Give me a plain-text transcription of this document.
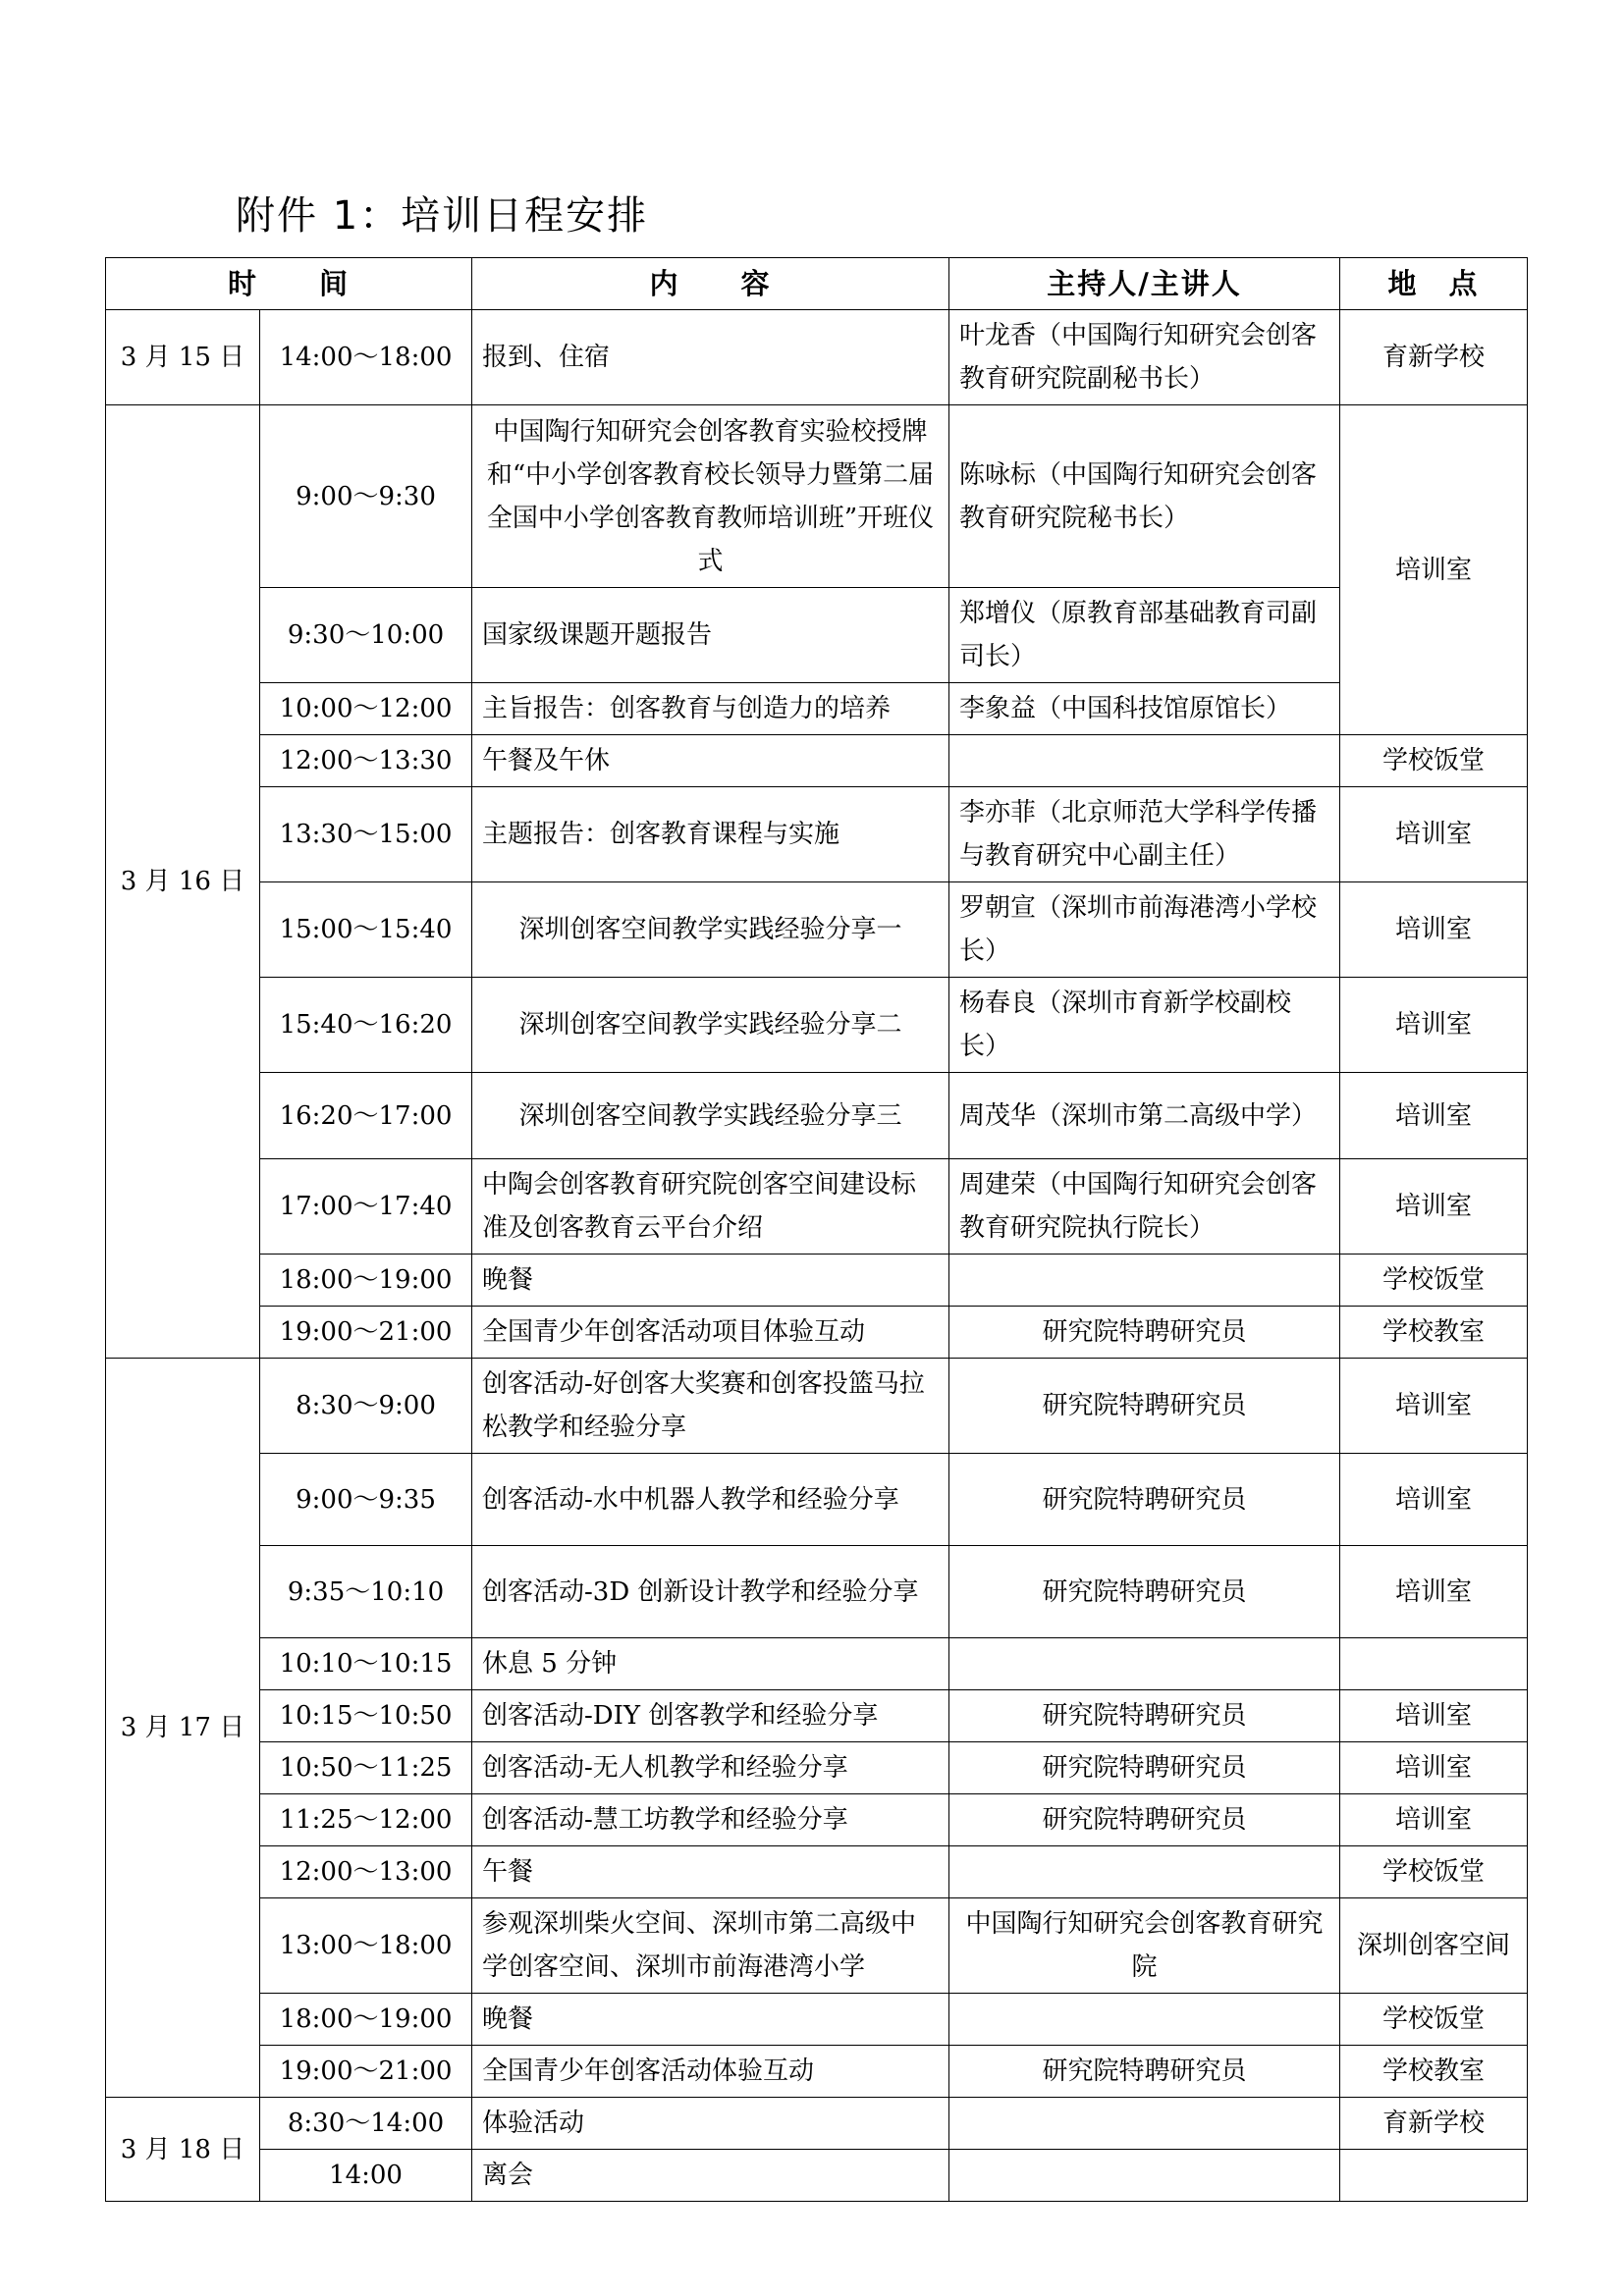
附件 1：培训日程安排
时　　间		内　　容	主持人/主讲人	地　点
3 月 15 日	14:00～18:00	报到、住宿	叶龙香（中国陶行知研究会创客教育研究院副秘书长）	育新学校
3 月 16 日	9:00～9:30	中国陶行知研究会创客教育实验校授牌和“中小学创客教育校长领导力暨第二届全国中小学创客教育教师培训班”开班仪式	陈咏标（中国陶行知研究会创客教育研究院秘书长）	培训室
	9:30～10:00	国家级课题开题报告	郑增仪（原教育部基础教育司副司长）	
	10:00～12:00	主旨报告：创客教育与创造力的培养	李象益（中国科技馆原馆长）	
	12:00～13:30	午餐及午休		学校饭堂
	13:30～15:00	主题报告：创客教育课程与实施	李亦菲（北京师范大学科学传播与教育研究中心副主任）	培训室
	15:00～15:40	深圳创客空间教学实践经验分享一	罗朝宣（深圳市前海港湾小学校长）	培训室
	15:40～16:20	深圳创客空间教学实践经验分享二	杨春良（深圳市育新学校副校长）	培训室
	16:20～17:00	深圳创客空间教学实践经验分享三	周茂华（深圳市第二高级中学）	培训室
	17:00～17:40	中陶会创客教育研究院创客空间建设标准及创客教育云平台介绍	周建荣（中国陶行知研究会创客教育研究院执行院长）	培训室
	18:00～19:00	晚餐		学校饭堂
	19:00～21:00	全国青少年创客活动项目体验互动	研究院特聘研究员	学校教室
3 月 17 日	8:30～9:00	创客活动-好创客大奖赛和创客投篮马拉松教学和经验分享	研究院特聘研究员	培训室
	9:00～9:35	创客活动-水中机器人教学和经验分享	研究院特聘研究员	培训室
	9:35～10:10	创客活动-3D 创新设计教学和经验分享	研究院特聘研究员	培训室
	10:10～10:15	休息 5 分钟		
	10:15～10:50	创客活动-DIY 创客教学和经验分享	研究院特聘研究员	培训室
	10:50～11:25	创客活动-无人机教学和经验分享	研究院特聘研究员	培训室
	11:25～12:00	创客活动-慧工坊教学和经验分享	研究院特聘研究员	培训室
	12:00～13:00	午餐		学校饭堂
	13:00～18:00	参观深圳柴火空间、深圳市第二高级中学创客空间、深圳市前海港湾小学	中国陶行知研究会创客教育研究院	深圳创客空间
	18:00～19:00	晚餐		学校饭堂
	19:00～21:00	全国青少年创客活动体验互动	研究院特聘研究员	学校教室
3 月 18 日	8:30～14:00	体验活动		育新学校
	14:00	离会		
